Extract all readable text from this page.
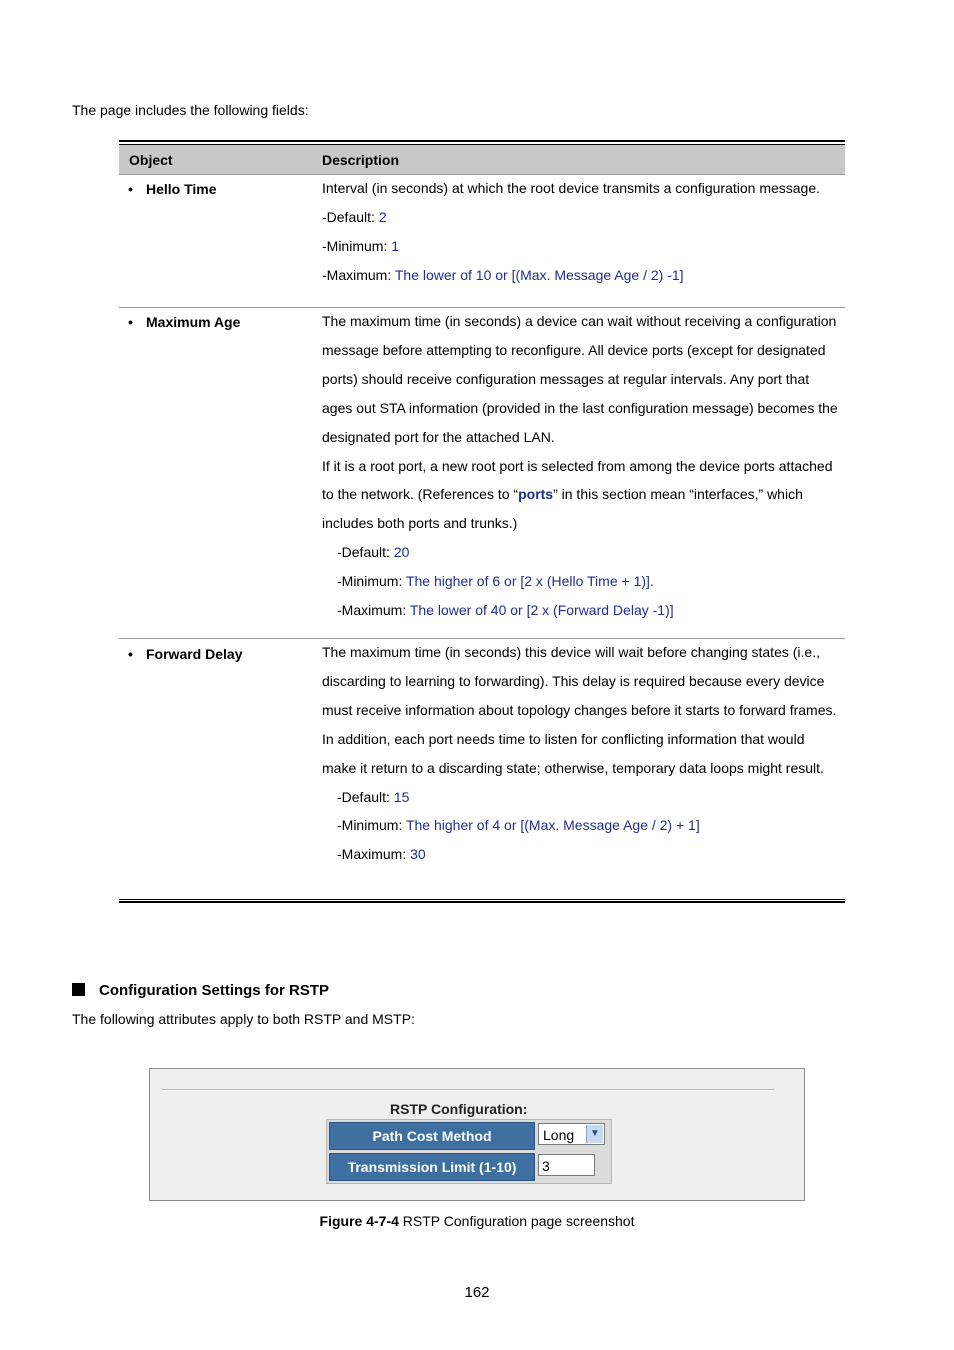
The page includes the following fields:
Object	Description
• Hello Time	Interval (in seconds) at which the root device transmits a configuration message.

-Default: 2

-Minimum: 1

-Maximum: The lower of 10 or [(Max. Message Age / 2) -1]

• Maximum Age	The maximum time (in seconds) a device can wait without receiving a configuration message before attempting to reconfigure. All device ports (except for designated ports) should receive configuration messages at regular intervals. Any port that ages out STA information (provided in the last configuration message) becomes the designated port for the attached LAN.

If it is a root port, a new root port is selected from among the device ports attached to the network. (References to “ports” in this section mean “interfaces,” which includes both ports and trunks.)

-Default: 20

-Minimum: The higher of 6 or [2 x (Hello Time + 1)].

-Maximum: The lower of 40 or [2 x (Forward Delay -1)]

• Forward Delay	The maximum time (in seconds) this device will wait before changing states (i.e., discarding to learning to forwarding). This delay is required because every device must receive information about topology changes before it starts to forward frames. In addition, each port needs time to listen for conflicting information that would make it return to a discarding state; otherwise, temporary data loops might result.

-Default: 15

-Minimum: The higher of 4 or [(Max. Message Age / 2) + 1]

-Maximum: 30

Configuration Settings for RSTP
The following attributes apply to both RSTP and MSTP:
RSTP Configuration:
Path Cost Method	Long	▼
Transmission Limit (1-10)	3
Figure 4-7-4 RSTP Configuration page screenshot
162
